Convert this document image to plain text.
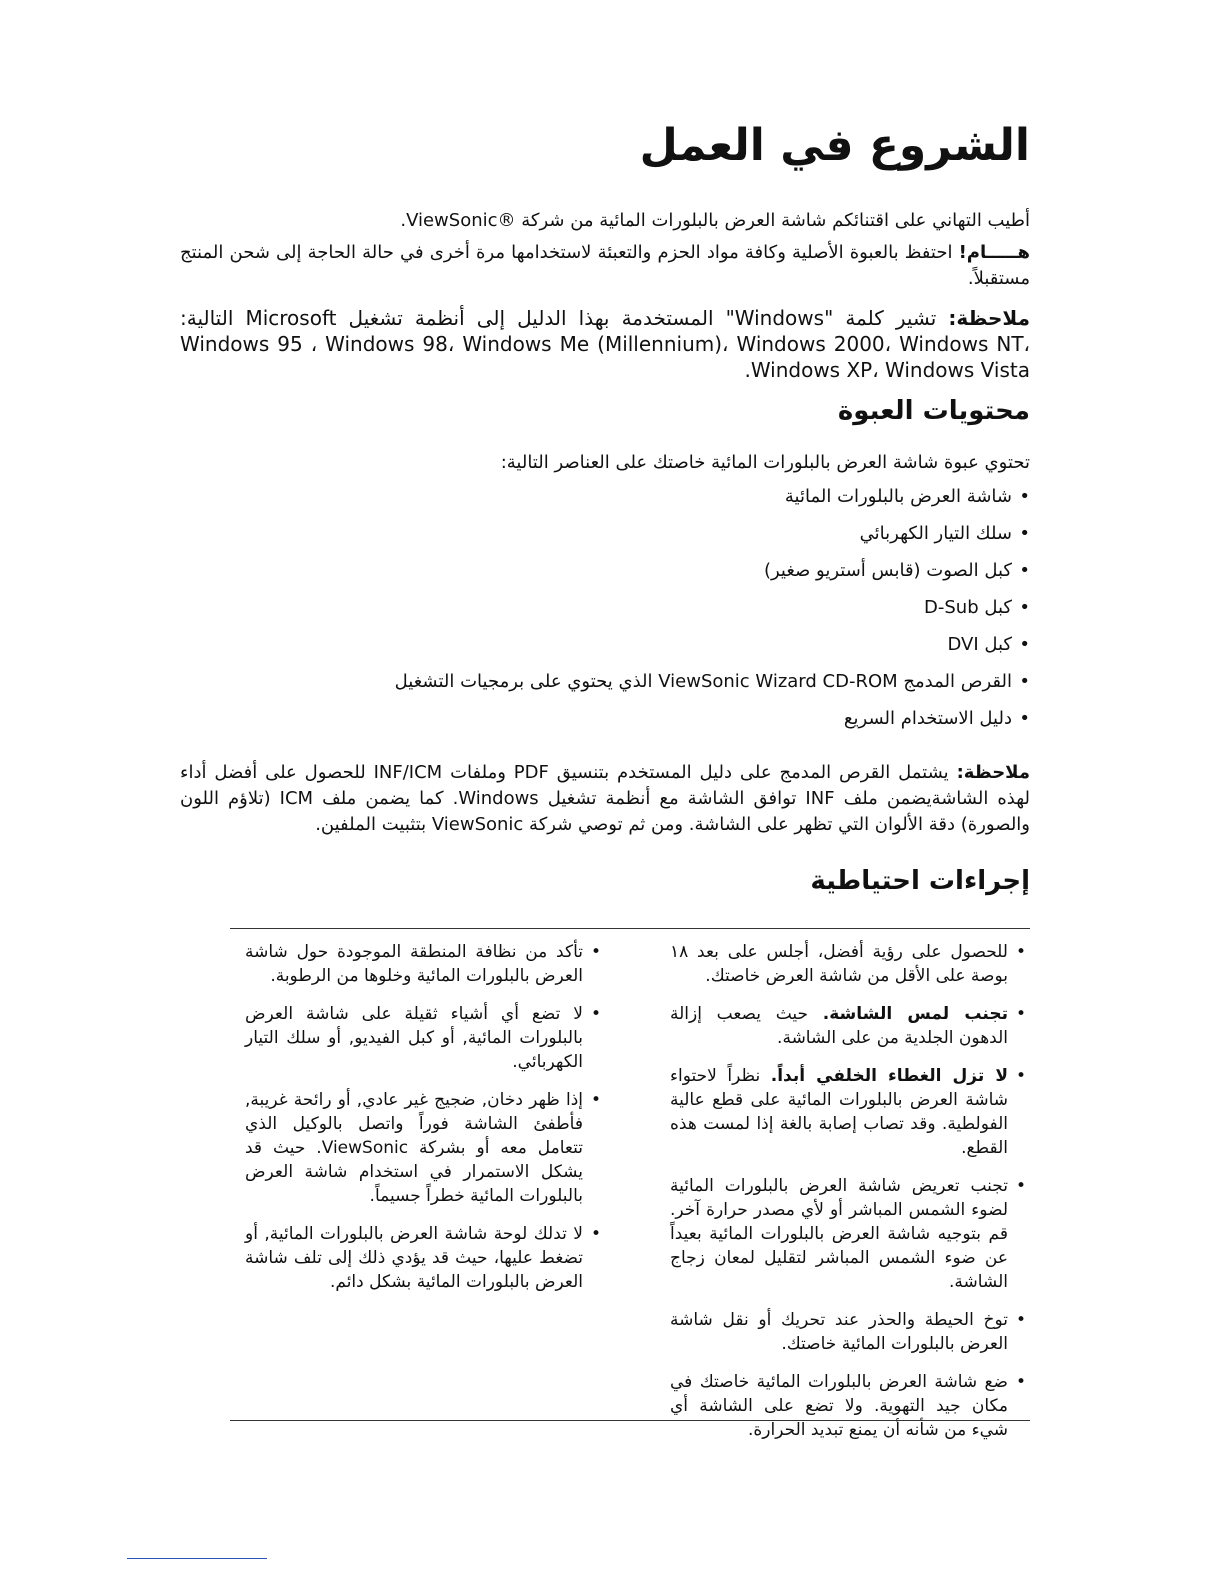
الشروع في العمل

أطيب التهاني على اقتنائكم شاشة العرض بالبلورات المائية من شركة ®ViewSonic.

هـــــام! احتفظ بالعبوة الأصلية وكافة مواد الحزم والتعبئة لاستخدامها مرة أخرى في حالة الحاجة إلى شحن المنتج مستقبلاً.

ملاحظة: تشير كلمة "Windows" المستخدمة بهذا الدليل إلى أنظمة تشغيل Microsoft التالية: Windows 95 ، Windows 98، Windows Me (Millennium)، Windows 2000، Windows NT، Windows XP، Windows Vista.

محتويات العبوة

تحتوي عبوة شاشة العرض بالبلورات المائية خاصتك على العناصر التالية:

• شاشة العرض بالبلورات المائية
• سلك التيار الكهربائي
• كبل الصوت (قابس أستريو صغير)
• كبل D-Sub
• كبل DVI
• القرص المدمج ViewSonic Wizard CD-ROM الذي يحتوي على برمجيات التشغيل
• دليل الاستخدام السريع

ملاحظة: يشتمل القرص المدمج على دليل المستخدم بتنسيق PDF وملفات INF/ICM للحصول على أفضل أداء لهذه الشاشةيضمن ملف INF توافق الشاشة مع أنظمة تشغيل Windows. كما يضمن ملف ICM (تلاؤم اللون والصورة) دقة الألوان التي تظهر على الشاشة. ومن ثم توصي شركة ViewSonic بتثبيت الملفين.

إجراءات احتياطية
• للحصول على رؤية أفضل، أجلس على بعد ١٨ بوصة على الأقل من شاشة العرض خاصتك.
• تجنب لمس الشاشة. حيث يصعب إزالة الدهون الجلدية من على الشاشة.
• لا تزل الغطاء الخلفي أبداً. نظراً لاحتواء شاشة العرض بالبلورات المائية على قطع عالية الفولطية. وقد تصاب إصابة بالغة إذا لمست هذه القطع.
• تجنب تعريض شاشة العرض بالبلورات المائية لضوء الشمس المباشر أو لأي مصدر حرارة آخر. قم بتوجيه شاشة العرض بالبلورات المائية بعيداً عن ضوء الشمس المباشر لتقليل لمعان زجاج الشاشة.
• توخ الحيطة والحذر عند تحريك أو نقل شاشة العرض بالبلورات المائية خاصتك.
• ضع شاشة العرض بالبلورات المائية خاصتك في مكان جيد التهوية. ولا تضع على الشاشة أي شيء من شأنه أن يمنع تبديد الحرارة.
• تأكد من نظافة المنطقة الموجودة حول شاشة العرض بالبلورات المائية وخلوها من الرطوبة.
• لا تضع أي أشياء ثقيلة على شاشة العرض بالبلورات المائية, أو كبل الفيديو, أو سلك التيار الكهربائي.
• إذا ظهر دخان, ضجيج غير عادي, أو رائحة غريبة, فأطفئ الشاشة فوراً واتصل بالوكيل الذي تتعامل معه أو بشركة ViewSonic. حيث قد يشكل الاستمرار في استخدام شاشة العرض بالبلورات المائية خطراً جسيماً.
• لا تدلك لوحة شاشة العرض بالبلورات المائية, أو تضغط عليها، حيث قد يؤدي ذلك إلى تلف شاشة العرض بالبلورات المائية بشكل دائم.
